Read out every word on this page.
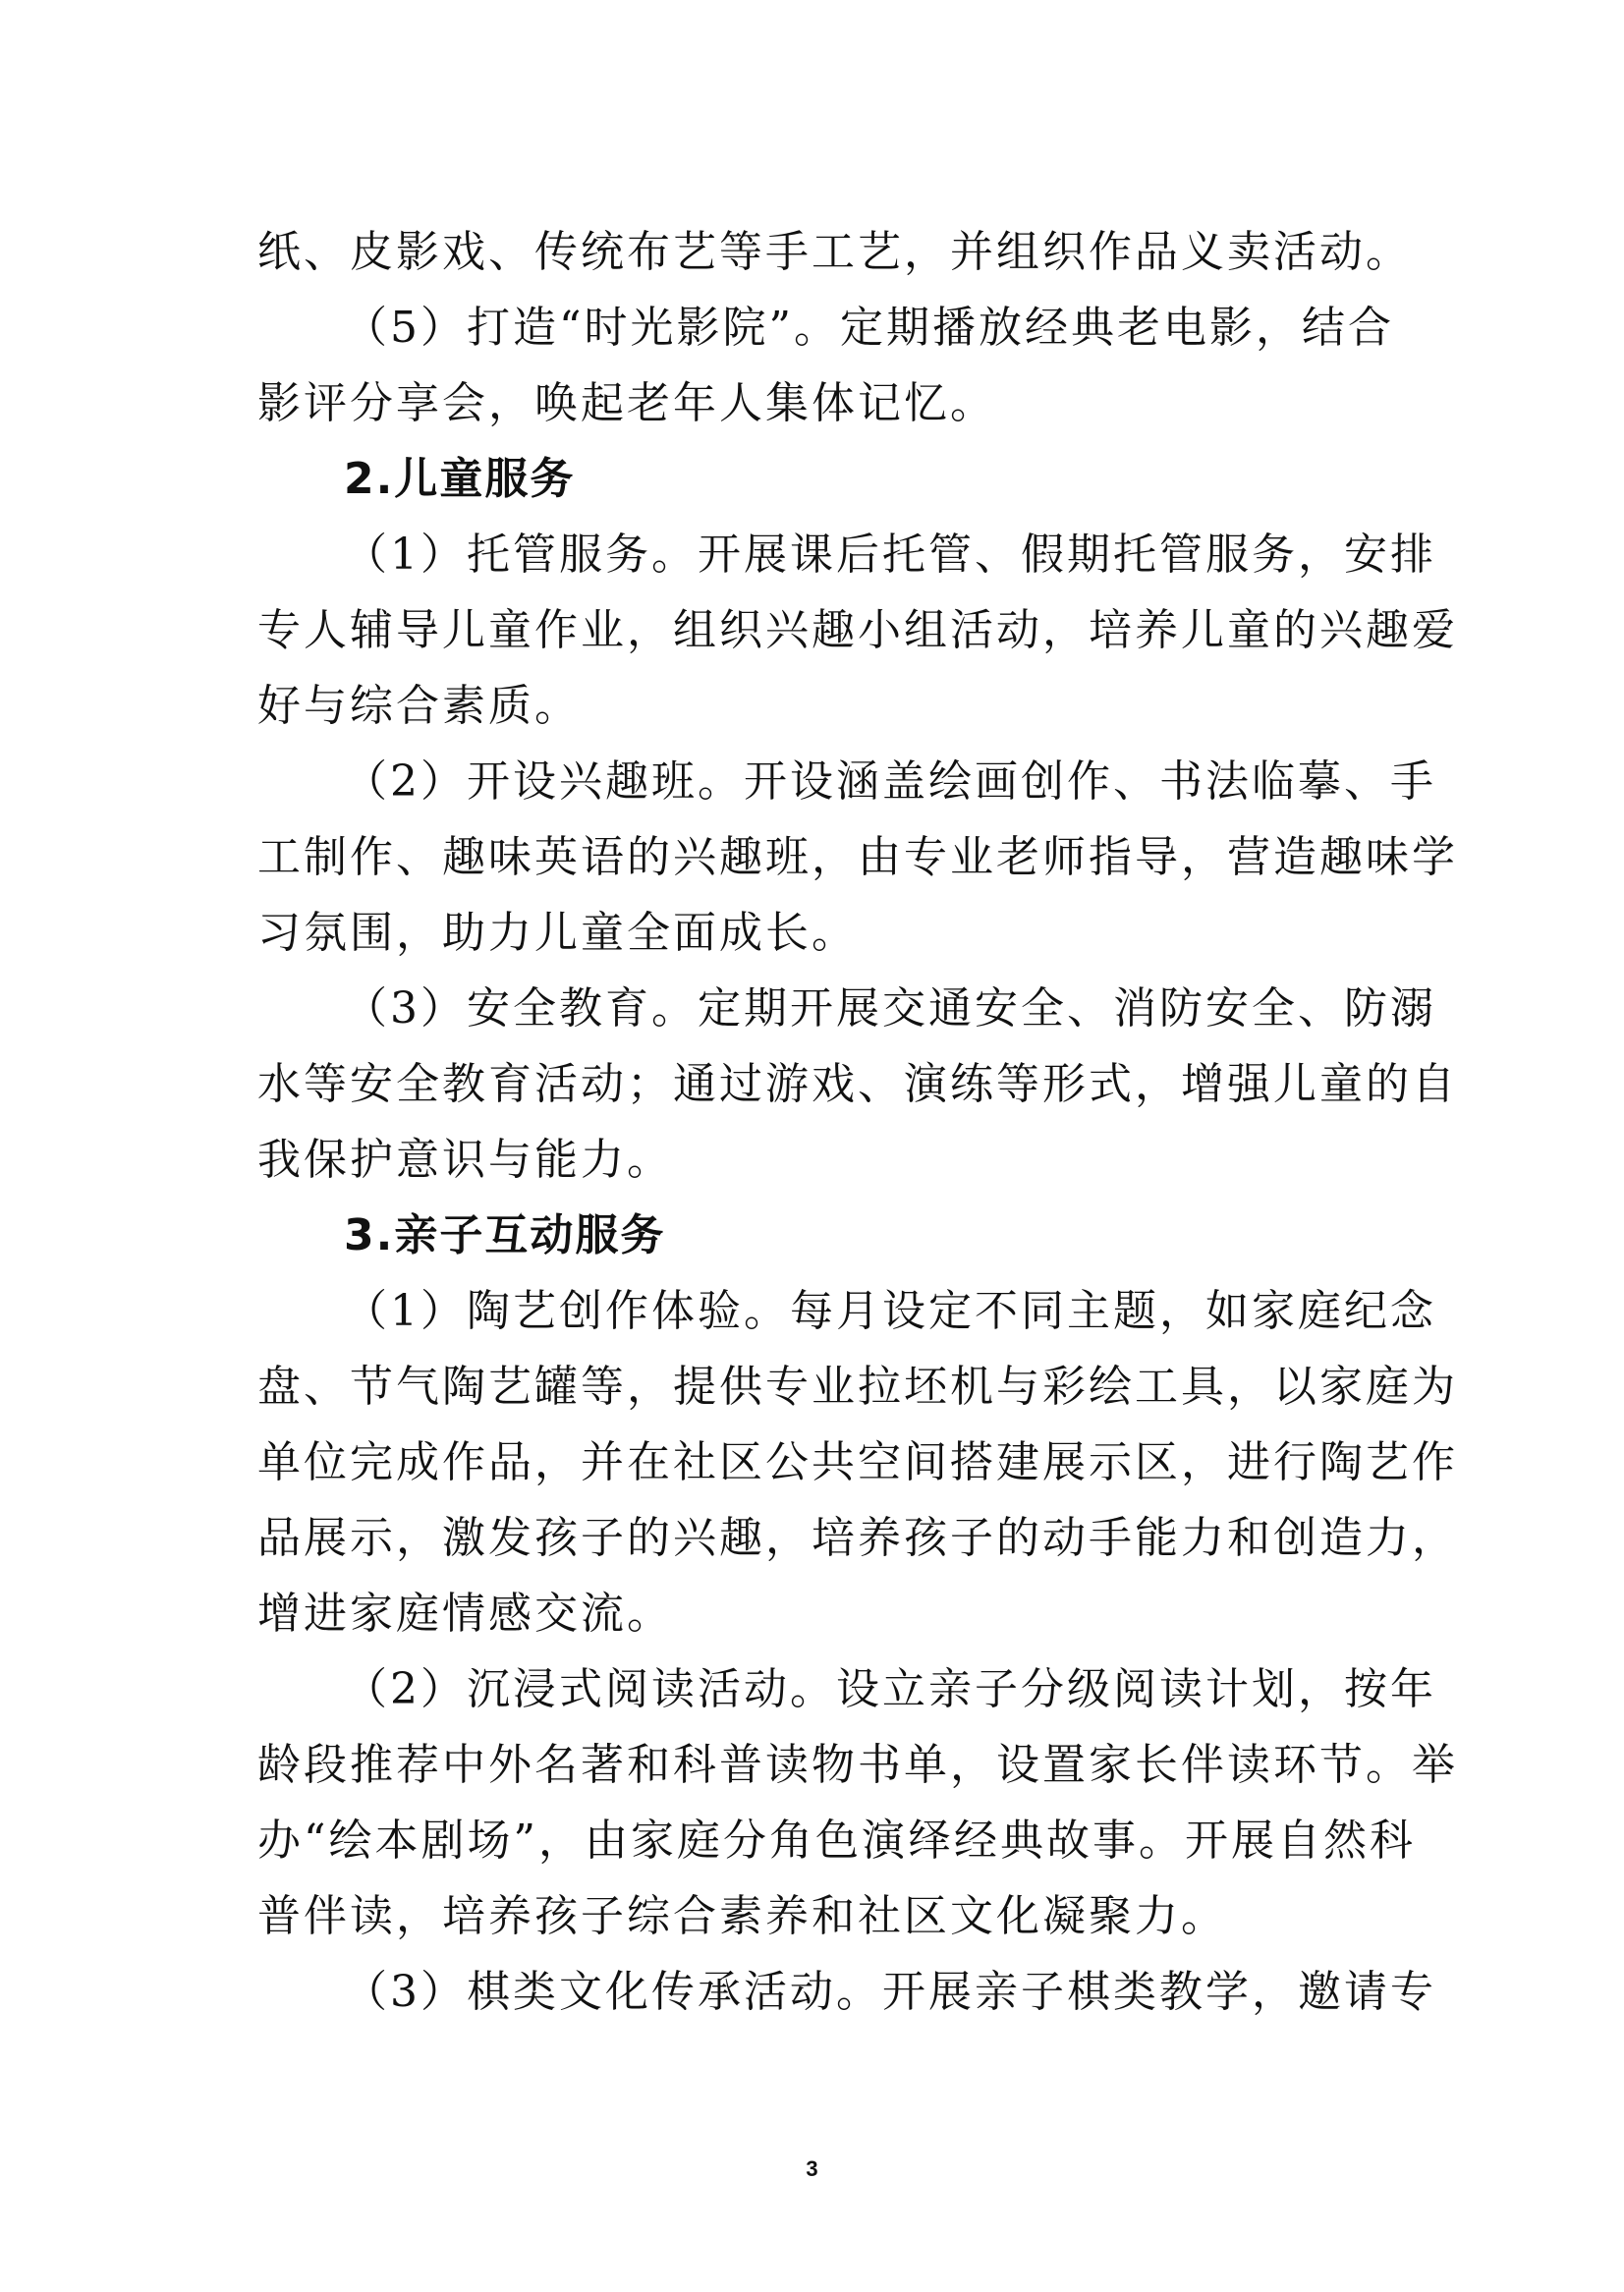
纸、皮影戏、传统布艺等手工艺，并组织作品义卖活动。
（5）打造“时光影院”。定期播放经典老电影，结合
影评分享会，唤起老年人集体记忆。
2.儿童服务
（1）托管服务。开展课后托管、假期托管服务，安排
专人辅导儿童作业，组织兴趣小组活动，培养儿童的兴趣爱
好与综合素质。
（2）开设兴趣班。开设涵盖绘画创作、书法临摹、手
工制作、趣味英语的兴趣班，由专业老师指导，营造趣味学
习氛围，助力儿童全面成长。
（3）安全教育。定期开展交通安全、消防安全、防溺
水等安全教育活动；通过游戏、演练等形式，增强儿童的自
我保护意识与能力。
3.亲子互动服务
（1）陶艺创作体验。每月设定不同主题，如家庭纪念
盘、节气陶艺罐等，提供专业拉坯机与彩绘工具，以家庭为
单位完成作品，并在社区公共空间搭建展示区，进行陶艺作
品展示，激发孩子的兴趣，培养孩子的动手能力和创造力，
增进家庭情感交流。
（2）沉浸式阅读活动。设立亲子分级阅读计划，按年
龄段推荐中外名著和科普读物书单，设置家长伴读环节。举
办“绘本剧场”，由家庭分角色演绎经典故事。开展自然科
普伴读，培养孩子综合素养和社区文化凝聚力。
（3）棋类文化传承活动。开展亲子棋类教学，邀请专
3
